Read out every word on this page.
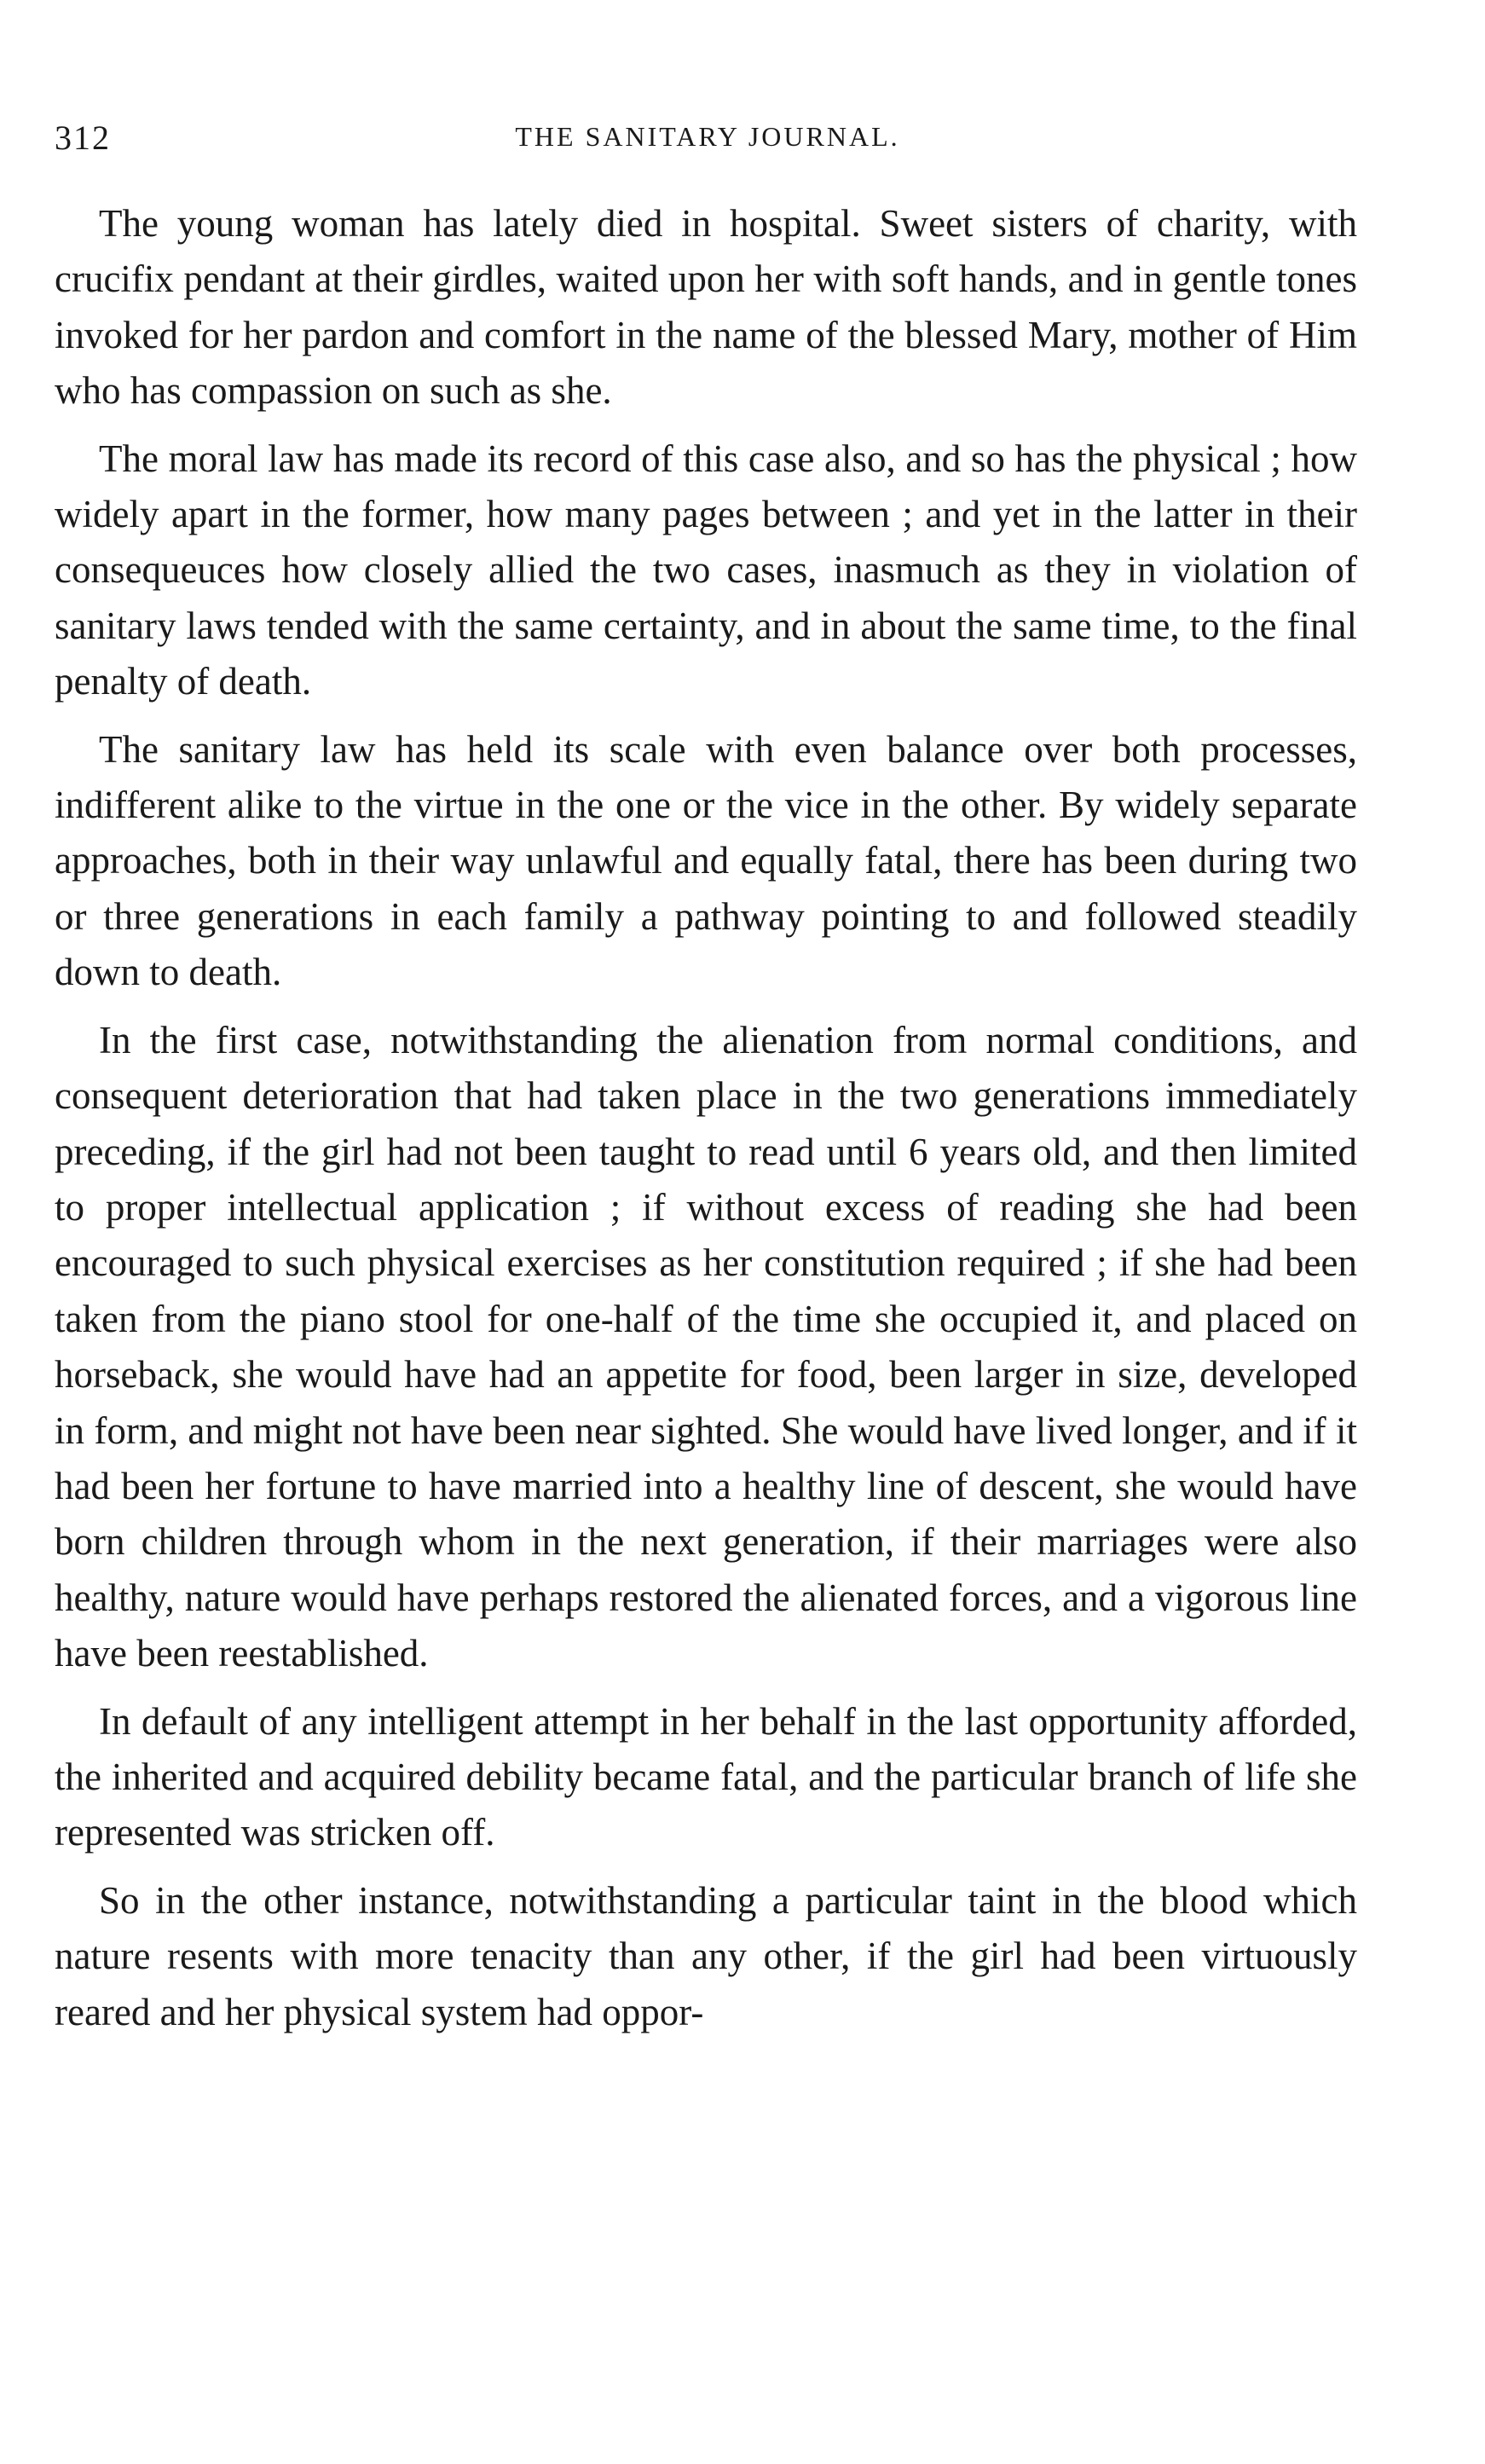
312	THE SANITARY JOURNAL.

The young woman has lately died in hospital. Sweet sisters of charity, with crucifix pendant at their girdles, waited upon her with soft hands, and in gentle tones invoked for her pardon and comfort in the name of the blessed Mary, mother of Him who has compassion on such as she.

The moral law has made its record of this case also, and so has the physical ; how widely apart in the former, how many pages between ; and yet in the latter in their consequeuces how closely allied the two cases, inasmuch as they in violation of sanitary laws tended with the same certainty, and in about the same time, to the final penalty of death.

The sanitary law has held its scale with even balance over both processes, indifferent alike to the virtue in the one or the vice in the other. By widely separate approaches, both in their way unlawful and equally fatal, there has been during two or three generations in each family a pathway pointing to and followed steadily down to death.

In the first case, notwithstanding the alienation from normal conditions, and consequent deterioration that had taken place in the two generations immediately preceding, if the girl had not been taught to read until 6 years old, and then limited to proper intellectual application ; if without excess of reading she had been encouraged to such physical exercises as her constitution required ; if she had been taken from the piano stool for one-half of the time she occupied it, and placed on horseback, she would have had an appetite for food, been larger in size, developed in form, and might not have been near sighted. She would have lived longer, and if it had been her fortune to have married into a healthy line of descent, she would have born children through whom in the next generation, if their marriages were also healthy, nature would have perhaps restored the alienated forces, and a vigorous line have been reestablished.

In default of any intelligent attempt in her behalf in the last opportunity afforded, the inherited and acquired debility became fatal, and the particular branch of life she represented was stricken off.

So in the other instance, notwithstanding a particular taint in the blood which nature resents with more tenacity than any other, if the girl had been virtuously reared and her physical system had oppor-
